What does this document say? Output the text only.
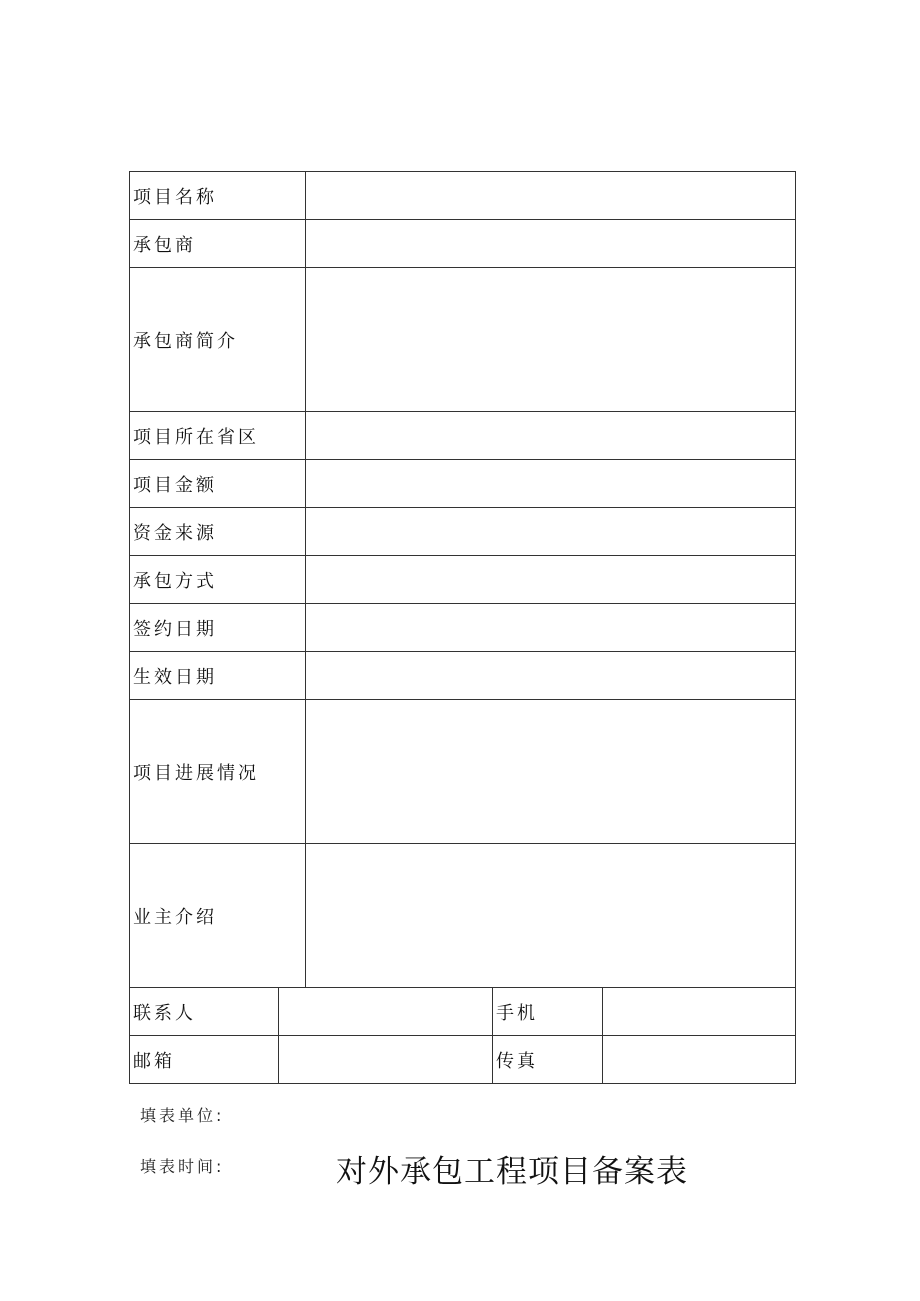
项目名称				
承包商				
承包商简介				
项目所在省区				
项目金额				
资金来源				
承包方式				
签约日期				
生效日期				
项目进展情况				
业主介绍				
联系人			手机	
邮箱			传真	
填表单位:
填表时间:	对外承包工程项目备案表
